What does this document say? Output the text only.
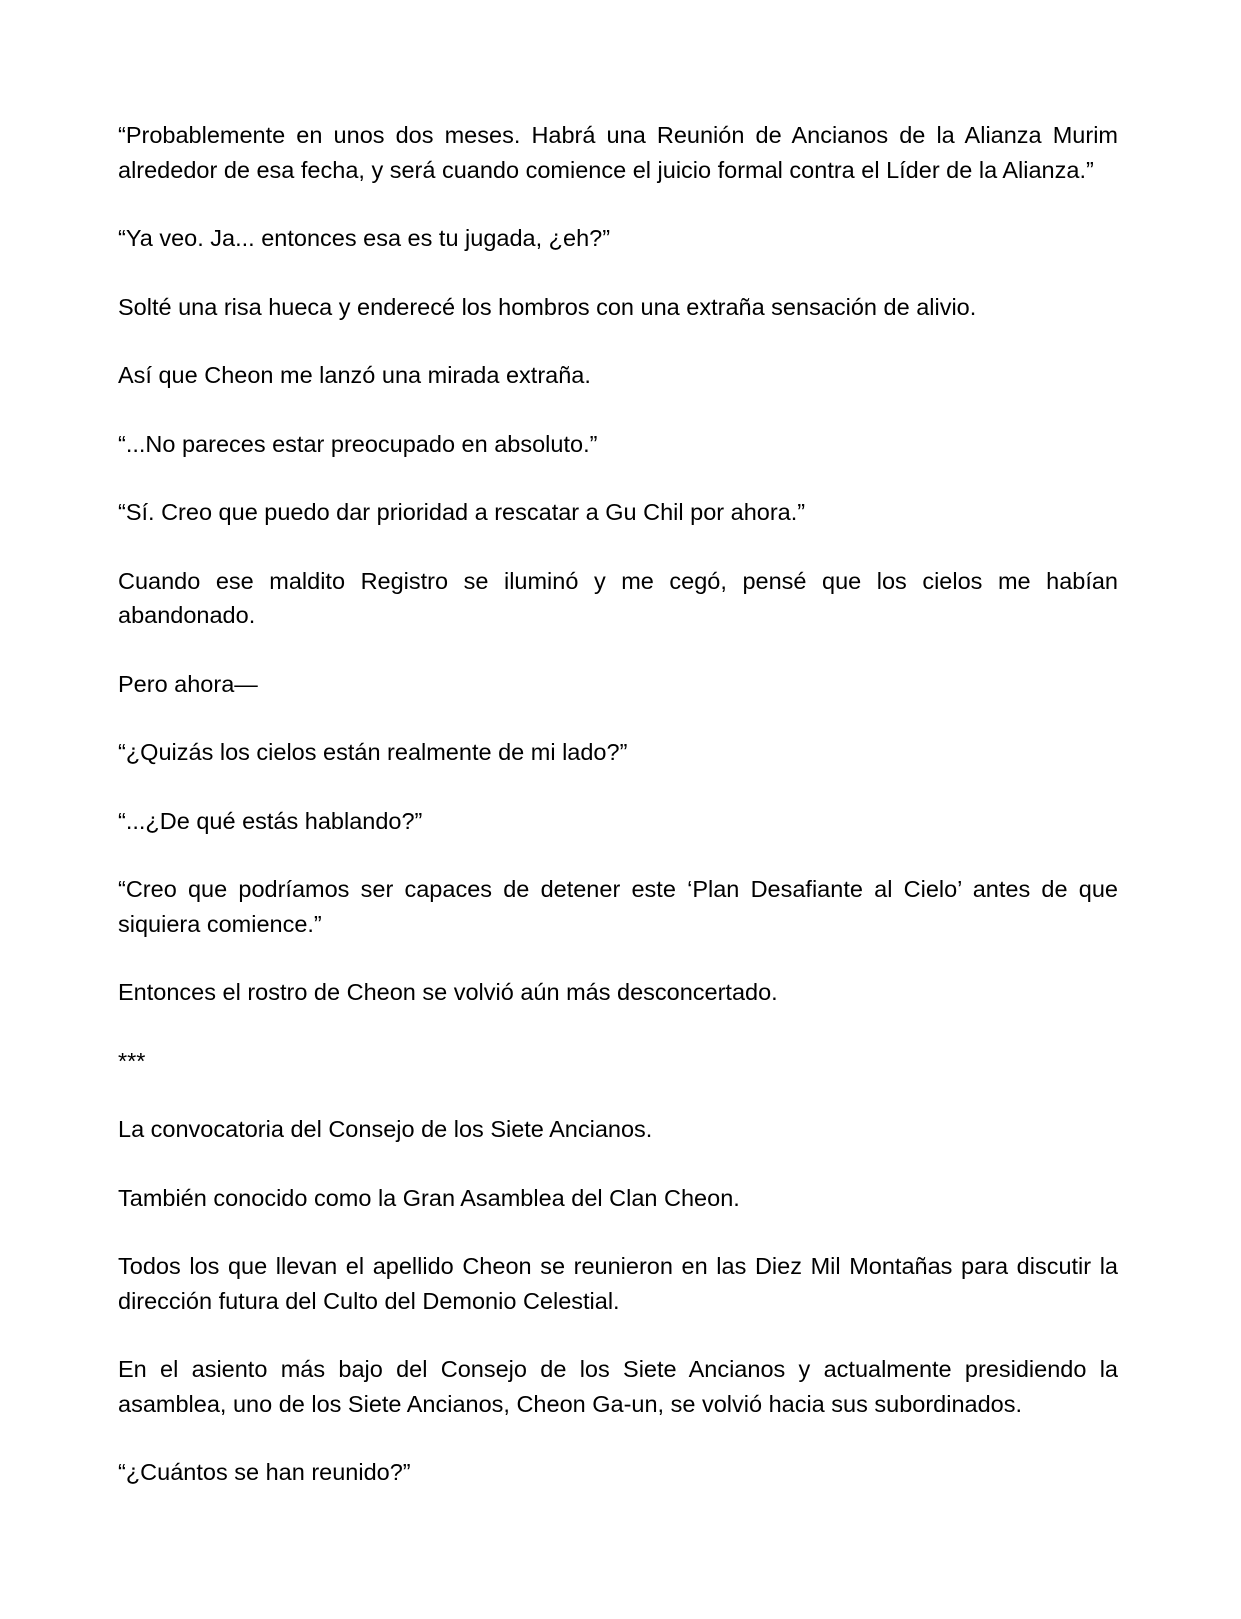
“Probablemente en unos dos meses. Habrá una Reunión de Ancianos de la Alianza Murim alrededor de esa fecha, y será cuando comience el juicio formal contra el Líder de la Alianza.”

“Ya veo. Ja... entonces esa es tu jugada, ¿eh?”

Solté una risa hueca y enderecé los hombros con una extraña sensación de alivio.

Así que Cheon me lanzó una mirada extraña.

“...No pareces estar preocupado en absoluto.”

“Sí. Creo que puedo dar prioridad a rescatar a Gu Chil por ahora.”

Cuando ese maldito Registro se iluminó y me cegó, pensé que los cielos me habían abandonado.

Pero ahora—

“¿Quizás los cielos están realmente de mi lado?”

“...¿De qué estás hablando?”

“Creo que podríamos ser capaces de detener este ‘Plan Desafiante al Cielo’ antes de que siquiera comience.”

Entonces el rostro de Cheon se volvió aún más desconcertado.

***

La convocatoria del Consejo de los Siete Ancianos.

También conocido como la Gran Asamblea del Clan Cheon.

Todos los que llevan el apellido Cheon se reunieron en las Diez Mil Montañas para discutir la dirección futura del Culto del Demonio Celestial.

En el asiento más bajo del Consejo de los Siete Ancianos y actualmente presidiendo la asamblea, uno de los Siete Ancianos, Cheon Ga-un, se volvió hacia sus subordinados.

“¿Cuántos se han reunido?”
